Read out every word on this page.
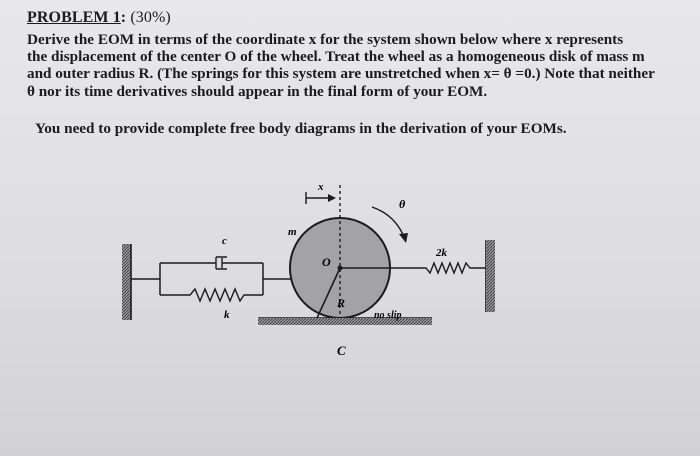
PROBLEM 1: (30%)
Derive the EOM in terms of the coordinate x for the system shown below where x represents
the displacement of the center O of the wheel. Treat the wheel as a homogeneous disk of mass m
and outer radius R. (The springs for this system are unstretched when x= θ =0.) Note that neither
θ nor its time derivatives should appear in the final form of your EOM.
You need to provide complete free body diagrams in the derivation of your EOMs.
x
θ
m
c
k
O
R
2k
no slip
C
